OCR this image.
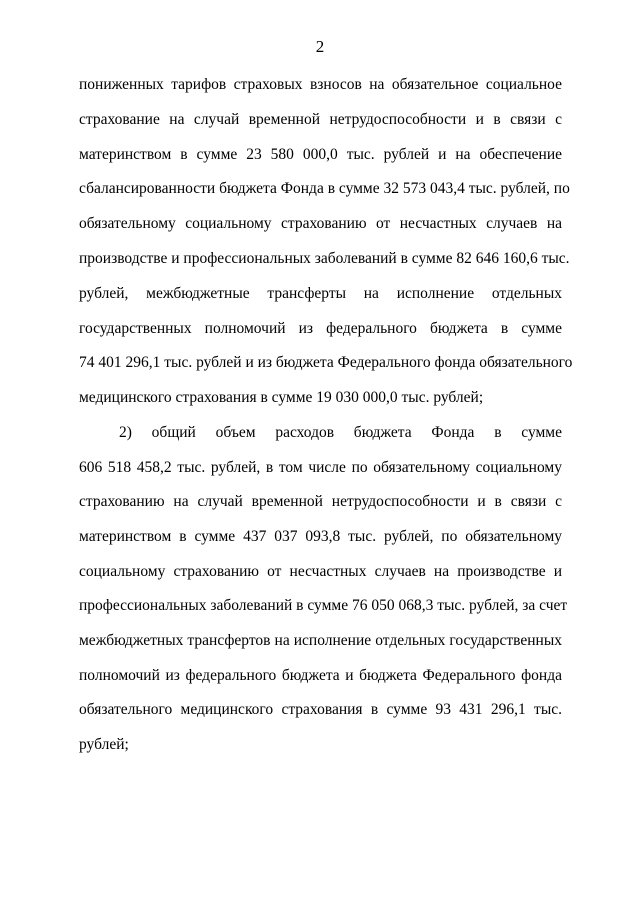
2
пониженных тарифов страховых взносов на обязательное социальное
страхование на случай временной нетрудоспособности и в связи с
материнством в сумме 23 580 000,0 тыс. рублей и на обеспечение
сбалансированности бюджета Фонда в сумме 32 573 043,4 тыс. рублей, по
обязательному социальному страхованию от несчастных случаев на
производстве и профессиональных заболеваний в сумме 82 646 160,6 тыс.
рублей, межбюджетные трансферты на исполнение отдельных
государственных полномочий из федерального бюджета в сумме
74 401 296,1 тыс. рублей и из бюджета Федерального фонда обязательного
медицинского страхования в сумме 19 030 000,0 тыс. рублей;
2) общий объем расходов бюджета Фонда в сумме
606 518 458,2 тыс. рублей, в том числе по обязательному социальному
страхованию на случай временной нетрудоспособности и в связи с
материнством в сумме 437 037 093,8 тыс. рублей, по обязательному
социальному страхованию от несчастных случаев на производстве и
профессиональных заболеваний в сумме 76 050 068,3 тыс. рублей, за счет
межбюджетных трансфертов на исполнение отдельных государственных
полномочий из федерального бюджета и бюджета Федерального фонда
обязательного медицинского страхования в сумме 93 431 296,1 тыс.
рублей;
